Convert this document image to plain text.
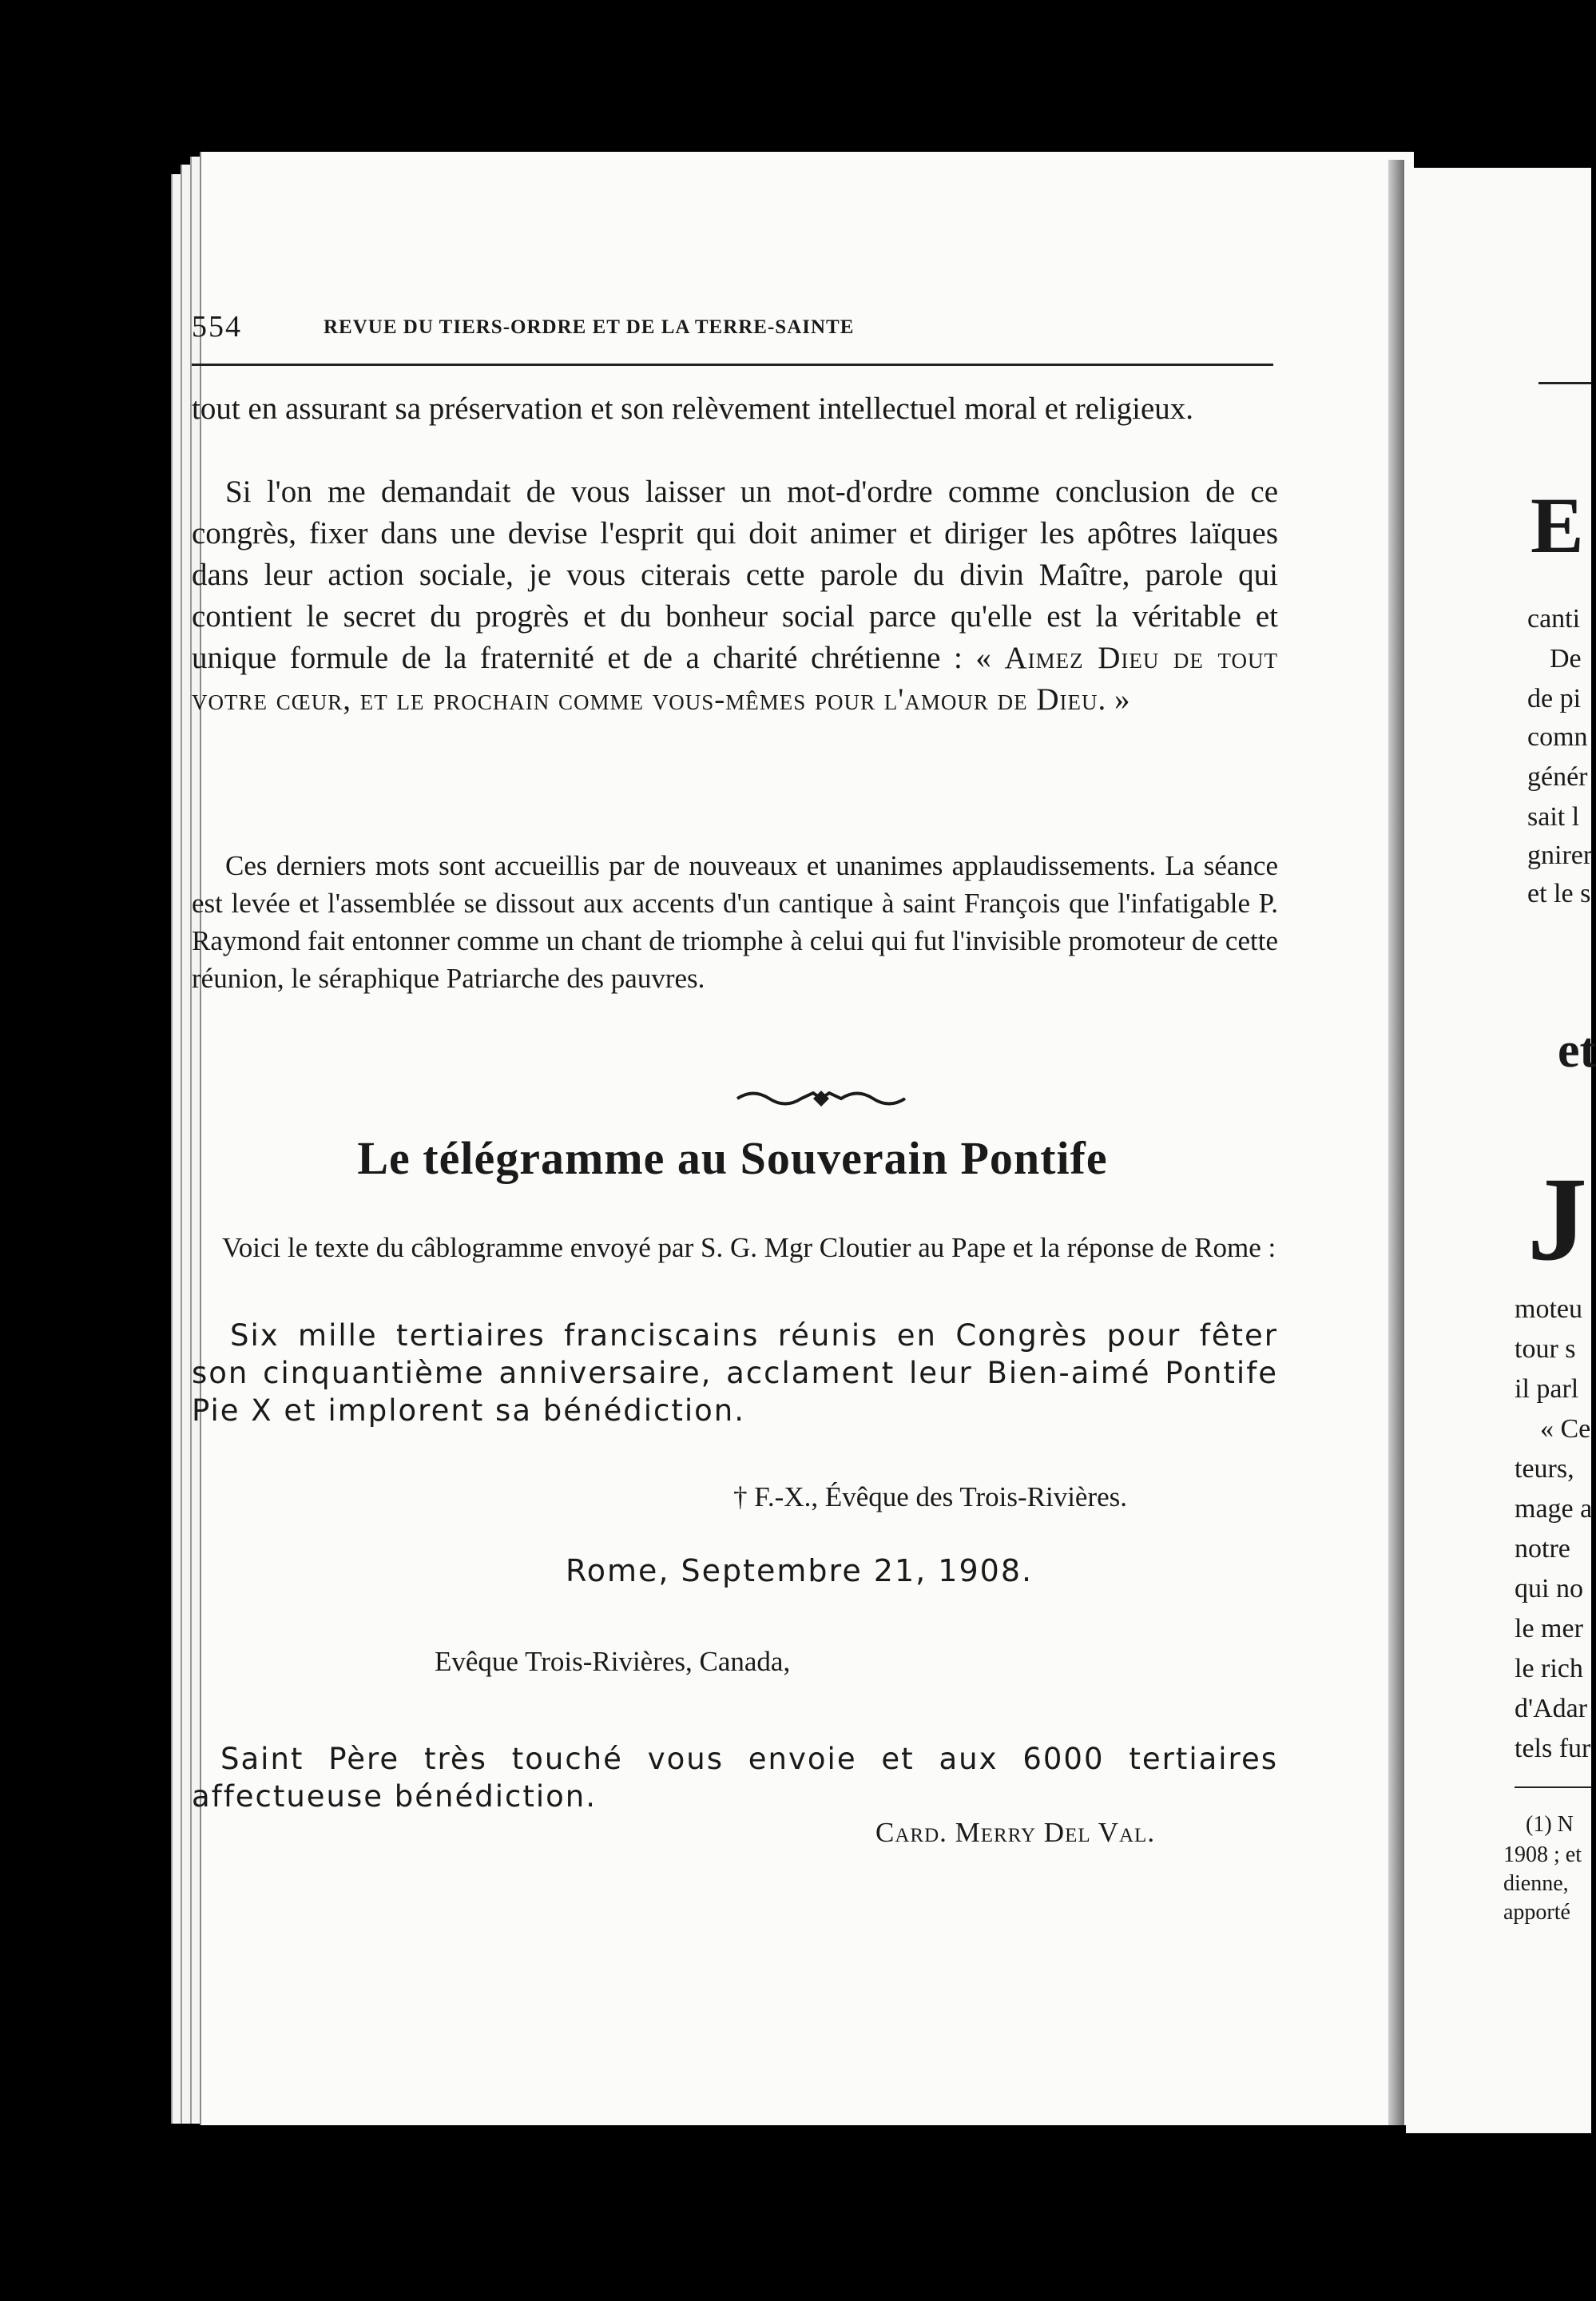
554	REVUE DU TIERS-ORDRE ET DE LA TERRE-SAINTE

tout en assurant sa préservation et son relèvement intellectuel moral et religieux.

Si l'on me demandait de vous laisser un mot-d'ordre comme conclusion de ce congrès, fixer dans une devise l'esprit qui doit animer et diriger les apôtres laïques dans leur action sociale, je vous citerais cette parole du divin Maître, parole qui contient le secret du progrès et du bonheur social parce qu'elle est la véritable et unique formule de la fraternité et de a charité chrétienne : « Aimez Dieu de tout votre cœur, et le prochain comme vous-mêmes pour l'amour de Dieu. »

Ces derniers mots sont accueillis par de nouveaux et unanimes applaudissements. La séance est levée et l'assemblée se dissout aux accents d'un cantique à saint François que l'infatigable P. Raymond fait entonner comme un chant de triomphe à celui qui fut l'invisible promoteur de cette réunion, le séraphique Patriarche des pauvres.

Le télégramme au Souverain Pontife

Voici le texte du câblogramme envoyé par S. G. Mgr Cloutier au Pape et la réponse de Rome :

Six mille tertiaires franciscains réunis en Congrès pour fêter son cinquantième anniversaire, acclament leur Bien-aimé Pontife Pie X et implorent sa bénédiction.

† F.-X., Évêque des Trois-Rivières.
Rome, Septembre 21, 1908.
Evêque Trois-Rivières, Canada,

Saint Père très touché vous envoie et aux 6000 tertiaires affectueuse bénédiction.

Card. Merry Del Val.
E
canti
De
de pi
comn
génér
sait l
gnirer
et le s
et
J
moteu
tour s
il parl
« Ce
teurs,
mage a
notre
qui no
le mer
le rich
d'Adar
tels fur
(1) N
1908 ; et
dienne,
apporté
